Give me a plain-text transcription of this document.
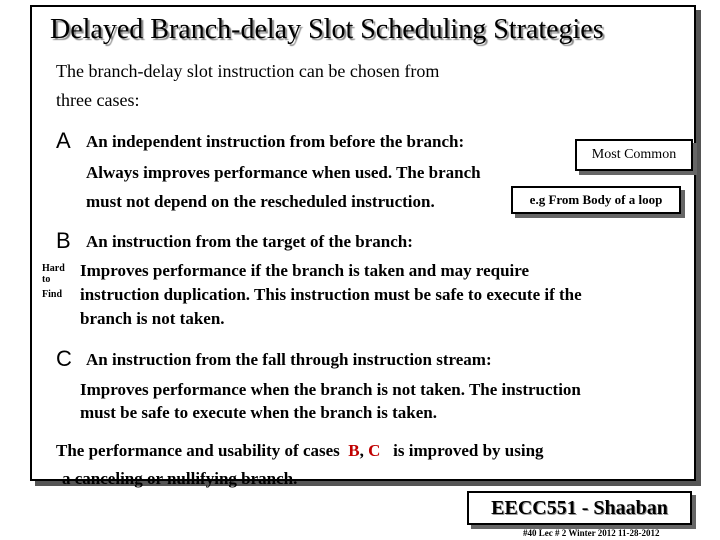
Delayed Branch-delay Slot Scheduling Strategies
The branch-delay slot instruction can be chosen from
three cases:
A An independent instruction from before the branch:
Always improves performance when used. The branch
must not depend on the rescheduled instruction.
Most Common
e.g From Body of a loop
B An instruction from the target of the branch:
Hard
to
Find
Improves performance if the branch is taken and may require
instruction duplication. This instruction must be safe to execute if the
branch is not taken.
C An instruction from the fall through instruction stream:
Improves performance when the branch is not taken. The instruction
must be safe to execute when the branch is taken.
The performance and usability of cases B, C is improved by using
a canceling or nullifying branch.
EECC551 - Shaaban
#40 Lec # 2 Winter 2012 11-28-2012
